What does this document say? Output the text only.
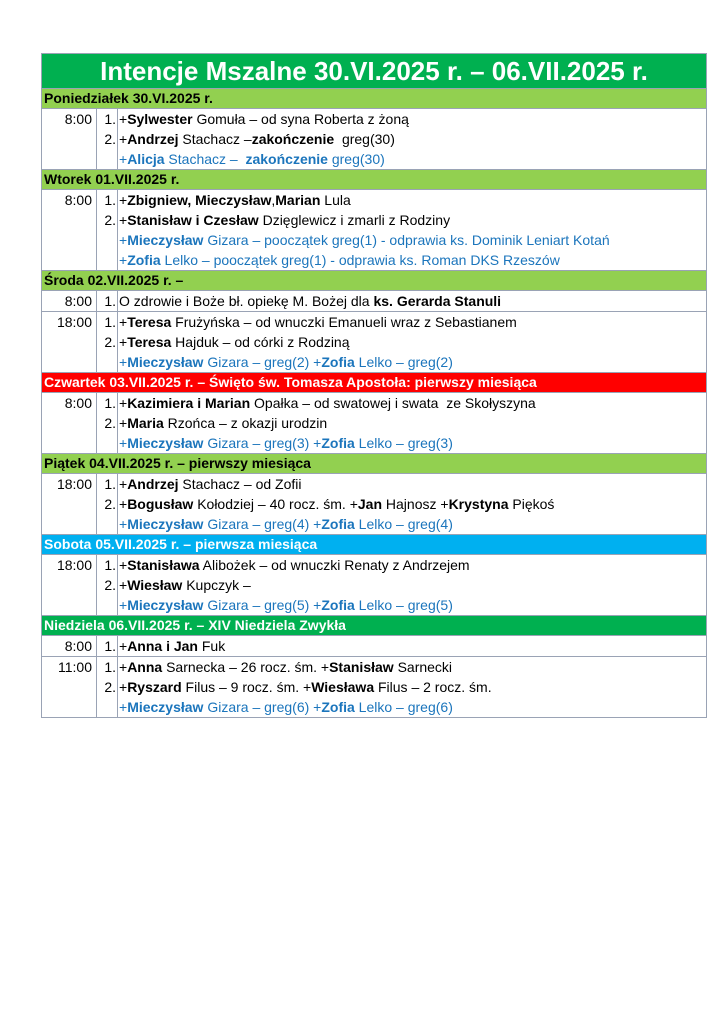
Intencje Mszalne 30.VI.2025 r. – 06.VII.2025 r.		
Poniedziałek 30.VI.2025 r.		
8:00	1.	+Sylwester Gomuła – od syna Roberta z żoną
	2.	+Andrzej Stachacz –zakończenie  greg(30)
		+Alicja Stachacz –  zakończenie greg(30)
Wtorek 01.VII.2025 r.		
8:00	1.	+Zbigniew, Mieczysław,Marian Lula
	2.	+Stanisław i Czesław Dzięglewicz i zmarli z Rodziny
		+Mieczysław Gizara – pooczątek greg(1) - odprawia ks. Dominik Leniart Kotań
		+Zofia Lelko – pooczątek greg(1) - odprawia ks. Roman DKS Rzeszów
Środa 02.VII.2025 r. –		
8:00	1.	O zdrowie i Boże bł. opiekę M. Bożej dla ks. Gerarda Stanuli
18:00	1.	+Teresa Frużyńska – od wnuczki Emanueli wraz z Sebastianem
	2.	+Teresa Hajduk – od córki z Rodziną
		+Mieczysław Gizara – greg(2) +Zofia Lelko – greg(2)
Czwartek 03.VII.2025 r. – Święto św. Tomasza Apostoła: pierwszy miesiąca		
8:00	1.	+Kazimiera i Marian Opałka – od swatowej i swata  ze Skołyszyna
	2.	+Maria Rzońca – z okazji urodzin
		+Mieczysław Gizara – greg(3) +Zofia Lelko – greg(3)
Piątek 04.VII.2025 r. – pierwszy miesiąca		
18:00	1.	+Andrzej Stachacz – od Zofii
	2.	+Bogusław Kołodziej – 40 rocz. śm. +Jan Hajnosz +Krystyna Piękoś
		+Mieczysław Gizara – greg(4) +Zofia Lelko – greg(4)
Sobota 05.VII.2025 r. – pierwsza miesiąca		
18:00	1.	+Stanisława Alibożek – od wnuczki Renaty z Andrzejem
	2.	+Wiesław Kupczyk –
		+Mieczysław Gizara – greg(5) +Zofia Lelko – greg(5)
Niedziela 06.VII.2025 r. – XIV Niedziela Zwykła		
8:00	1.	+Anna i Jan Fuk
11:00	1.	+Anna Sarnecka – 26 rocz. śm. +Stanisław Sarnecki
	2.	+Ryszard Filus – 9 rocz. śm. +Wiesława Filus – 2 rocz. śm.
		+Mieczysław Gizara – greg(6) +Zofia Lelko – greg(6)
